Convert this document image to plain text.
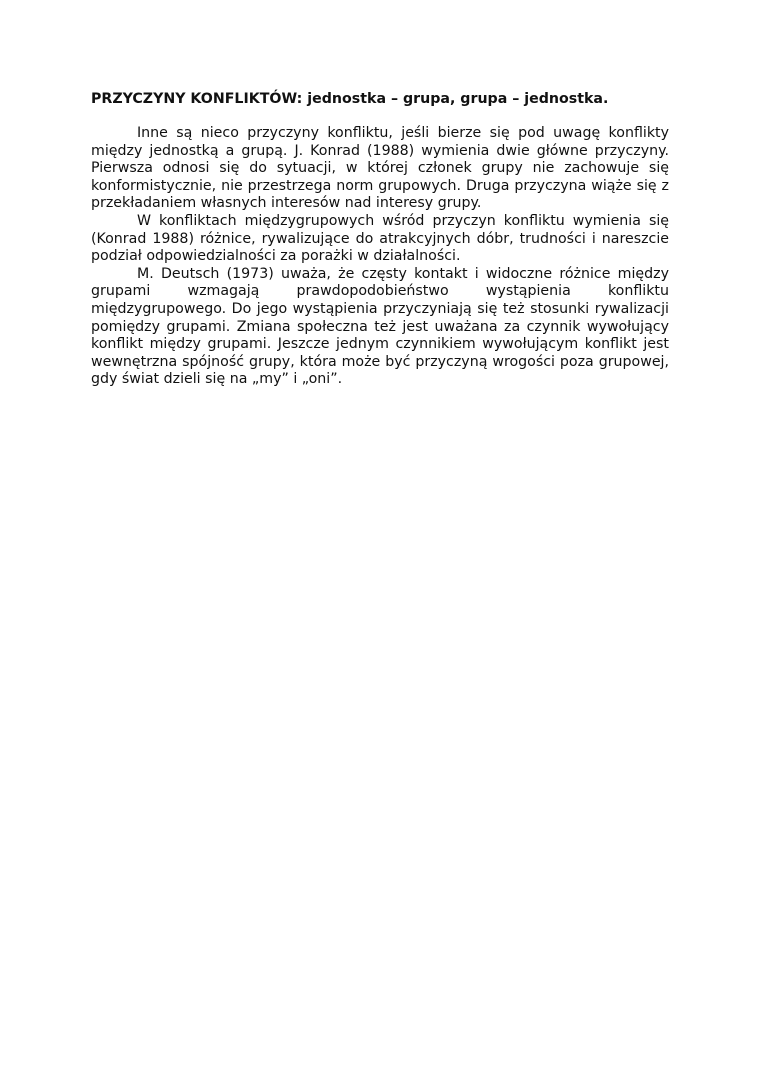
PRZYCZYNY KONFLIKTÓW: jednostka – grupa, grupa – jednostka.

Inne są nieco przyczyny konfliktu, jeśli bierze się pod uwagę konflikty między jednostką a grupą. J. Konrad (1988) wymienia dwie główne przyczyny. Pierwsza odnosi się do sytuacji, w której członek grupy nie zachowuje się konformistycznie, nie przestrzega norm grupowych. Druga przyczyna wiąże się z przekładaniem własnych interesów nad interesy grupy.

W konfliktach międzygrupowych wśród przyczyn konfliktu wymienia się (Konrad 1988) różnice, rywalizujące do atrakcyjnych dóbr, trudności i nareszcie podział odpowiedzialności za porażki w działalności.

M. Deutsch (1973) uważa, że częsty kontakt i widoczne różnice między grupami wzmagają prawdopodobieństwo wystąpienia konfliktu międzygrupowego. Do jego wystąpienia przyczyniają się też stosunki rywalizacji pomiędzy grupami. Zmiana społeczna też jest uważana za czynnik wywołujący konflikt między grupami. Jeszcze jednym czynnikiem wywołującym konflikt jest wewnętrzna spójność grupy, która może być przyczyną wrogości poza grupowej, gdy świat dzieli się na „my” i „oni”.
